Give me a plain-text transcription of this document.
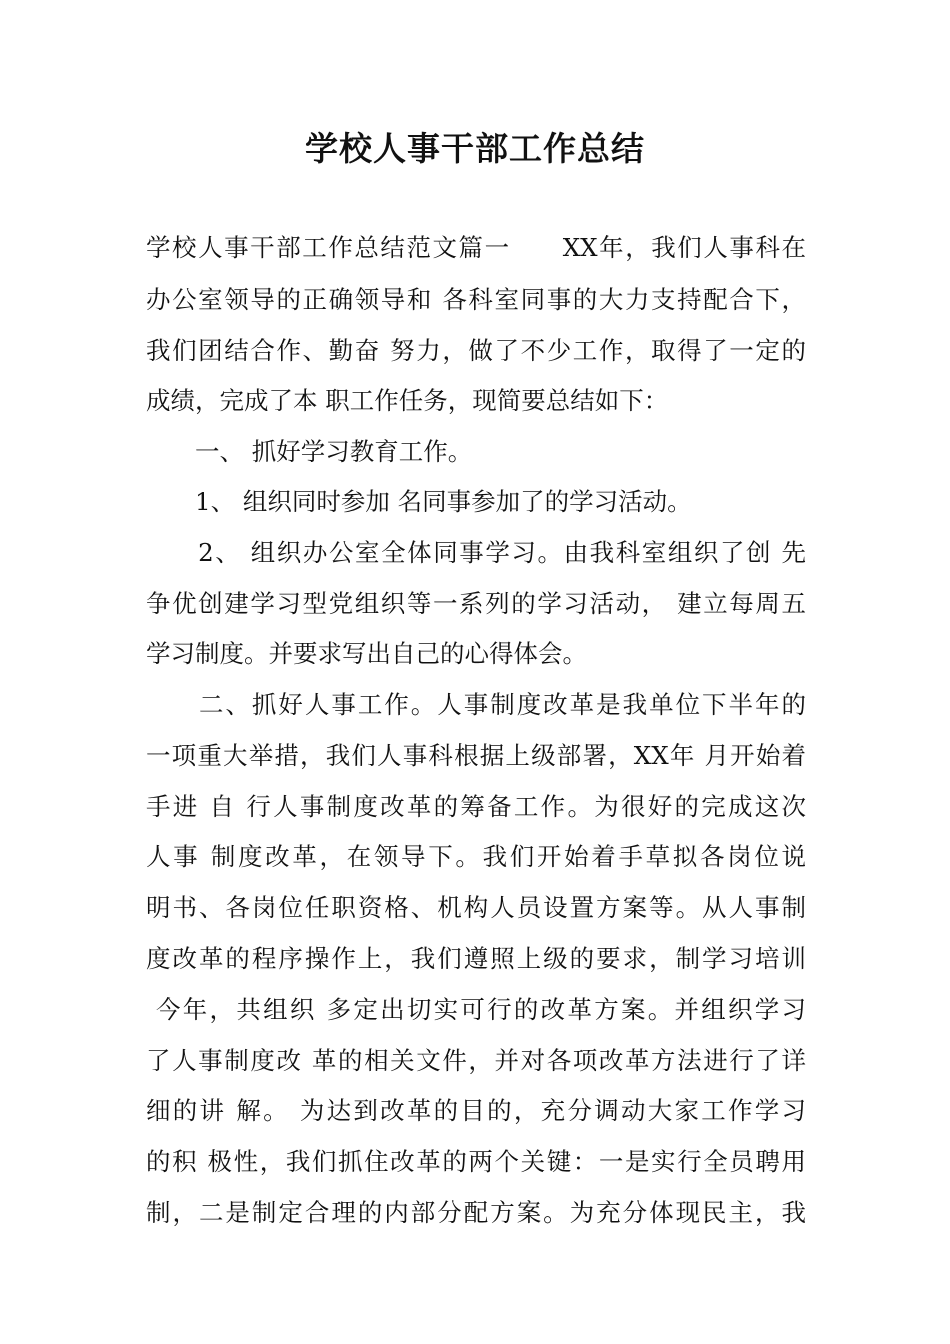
学校人事干部工作总结

学校人事干部工作总结范文篇一　　XX年，我们人事科在

办公室领导的正确领导和 各科室同事的大力支持配合下，

我们团结合作、勤奋 努力，做了不少工作，取得了一定的

成绩，完成了本 职工作任务，现简要总结如下：

　　一、 抓好学习教育工作。

　　1、 组织同时参加 名同事参加了的学习活动。

　　2、 组织办公室全体同事学习。由我科室组织了创 先

争优创建学习型党组织等一系列的学习活动， 建立每周五

学习制度。并要求写出自己的心得体会。

　　二、抓好人事工作。人事制度改革是我单位下半年的

一项重大举措，我们人事科根据上级部署，XX年 月开始着

手进 自 行人事制度改革的筹备工作。为很好的完成这次

人事 制度改革，在领导下。我们开始着手草拟各岗位说

明书、各岗位任职资格、机构人员设置方案等。从人事制

度改革的程序操作上，我们遵照上级的要求，制学习培训

今年，共组织 多定出切实可行的改革方案。并组织学习

了人事制度改 革的相关文件，并对各项改革方法进行了详

细的讲 解。 为达到改革的目的，充分调动大家工作学习

的积 极性，我们抓住改革的两个关键：一是实行全员聘用

制，二是制定合理的内部分配方案。为充分体现民主，我
